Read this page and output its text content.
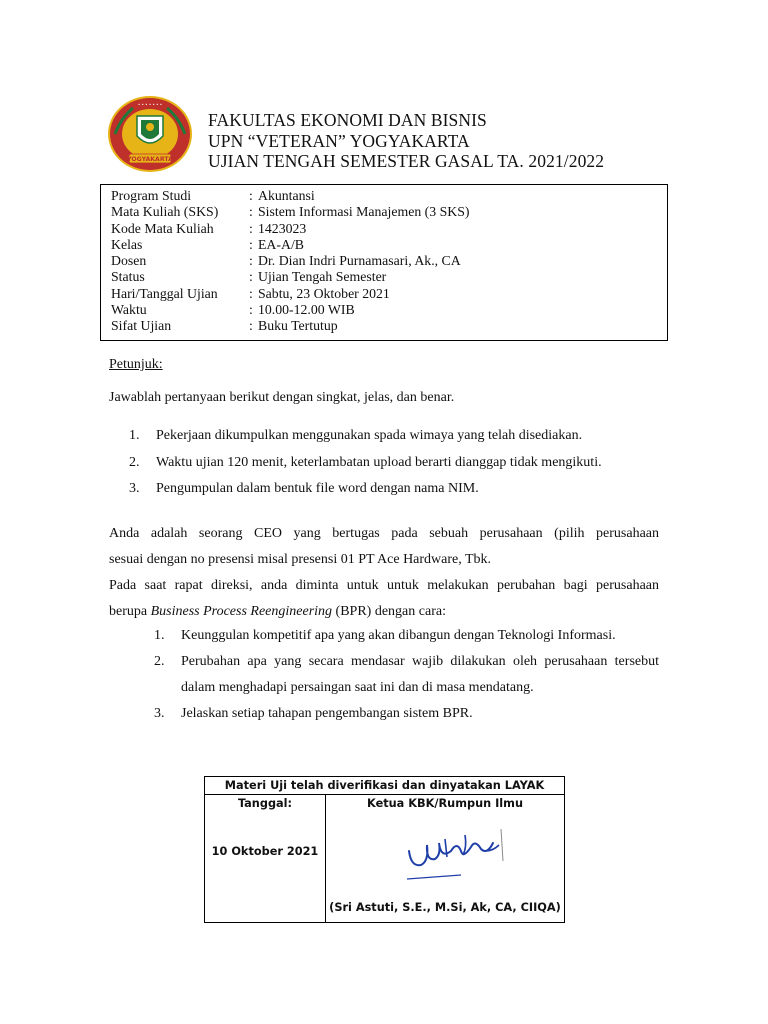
• • • • • • •
YOGYAKARTA
FAKULTAS EKONOMI DAN BISNIS
UPN “VETERAN” YOGYAKARTA
UJIAN TENGAH SEMESTER GASAL TA. 2021/2022
Program Studi	: Akuntansi
Mata Kuliah (SKS)	: Sistem Informasi Manajemen (3 SKS)
Kode Mata Kuliah	: 1423023
Kelas	: EA-A/B
Dosen	: Dr. Dian Indri Purnamasari, Ak., CA
Status	: Ujian Tengah Semester
Hari/Tanggal Ujian	: Sabtu, 23 Oktober 2021
Waktu	: 10.00-12.00 WIB
Sifat Ujian	: Buku Tertutup
Petunjuk:
Jawablah pertanyaan berikut dengan singkat, jelas, dan benar.
1.	Pekerjaan dikumpulkan menggunakan spada wimaya yang telah disediakan.
2.	Waktu ujian 120 menit, keterlambatan upload berarti dianggap tidak mengikuti.
3.	Pengumpulan dalam bentuk file word dengan nama NIM.
Anda adalah seorang CEO yang bertugas pada sebuah perusahaan (pilih perusahaan
sesuai dengan no presensi misal presensi 01 PT Ace Hardware, Tbk.
Pada saat rapat direksi, anda diminta untuk untuk melakukan perubahan bagi perusahaan
berupa Business Process Reengineering (BPR) dengan cara:
1.	Keunggulan kompetitif apa yang akan dibangun dengan Teknologi Informasi.
2.	Perubahan apa yang secara mendasar wajib dilakukan oleh perusahaan tersebut dalam menghadapi persaingan saat ini dan di masa mendatang.
3.	Jelaskan setiap tahapan pengembangan sistem BPR.
Materi Uji telah diverifikasi dan dinyatakan LAYAK

Tanggal:
10 Oktober 2021

Ketua KBK/Rumpun Ilmu
(Sri Astuti, S.E., M.Si, Ak, CA, CIIQA)
